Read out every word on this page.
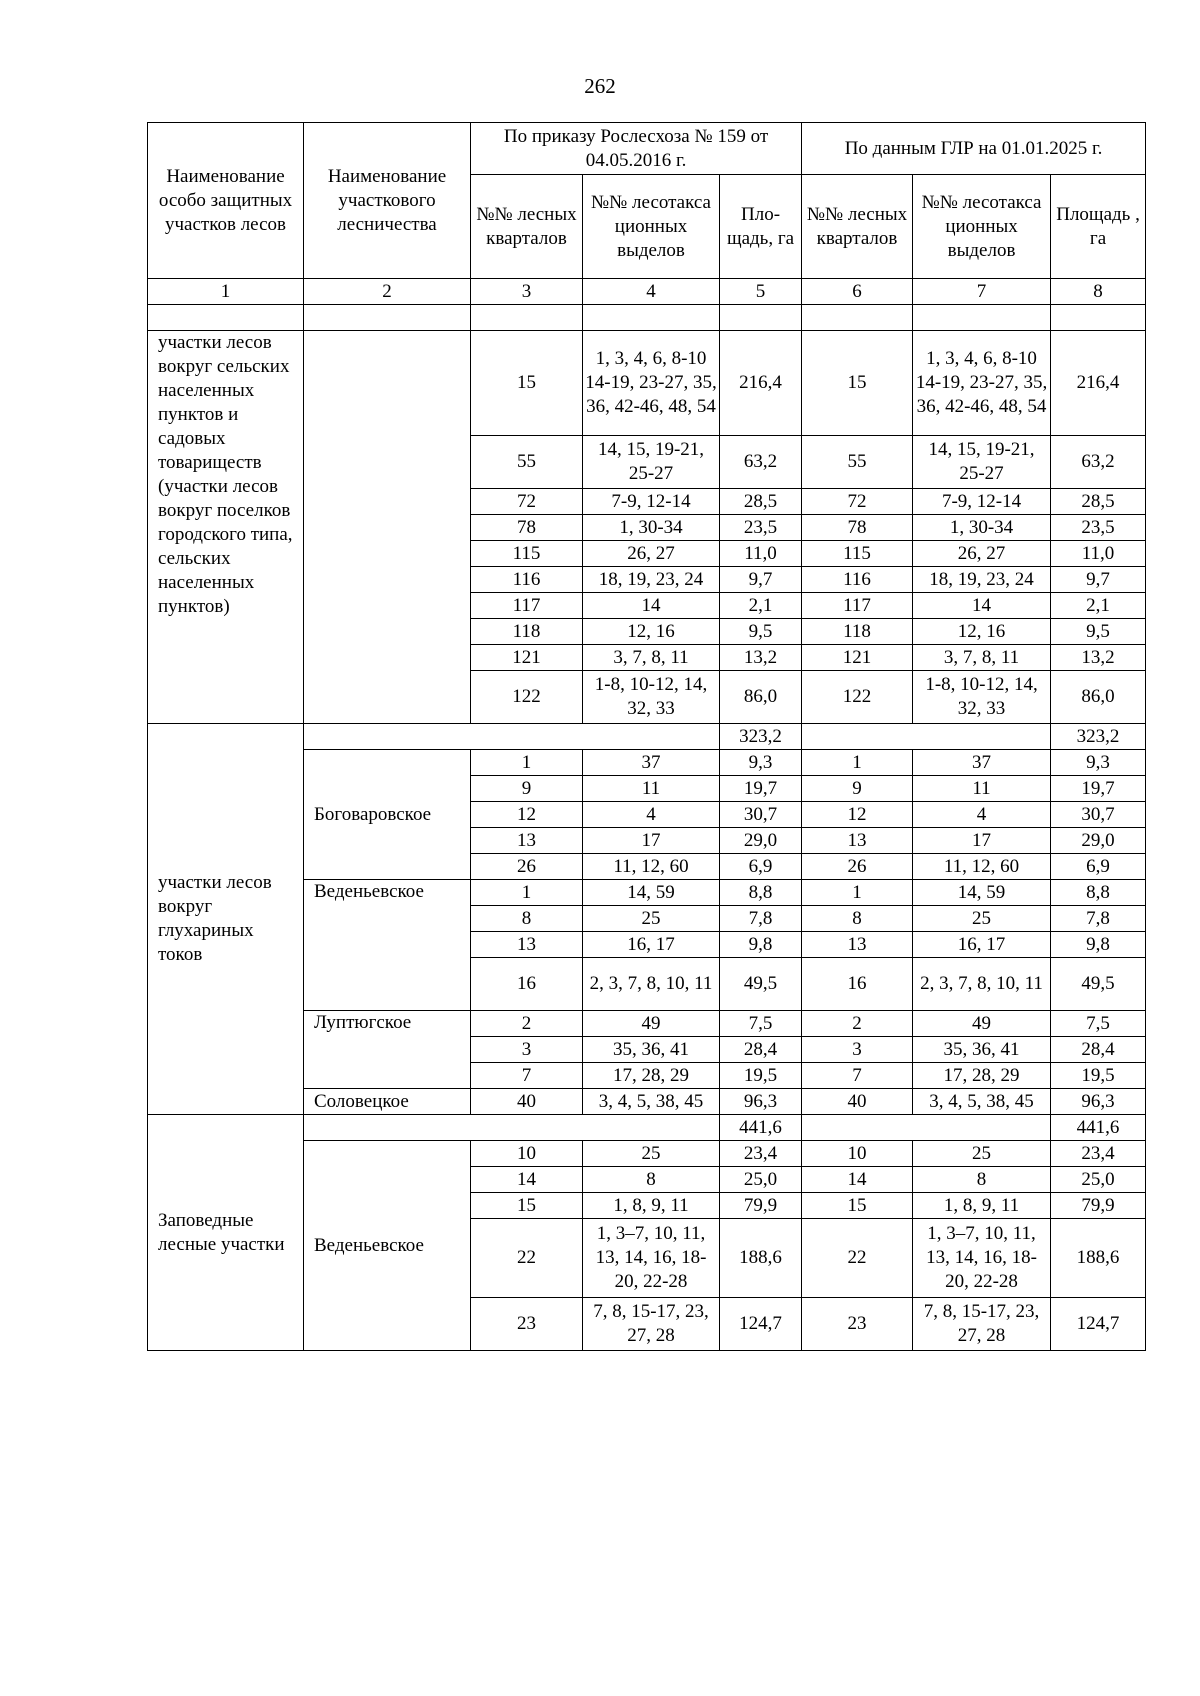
262
Наименование особо защитных участков лесов	Наименование участкового лесничества	По приказу Рослесхоза № 159 от 04.05.2016 г.			По данным ГЛР на 01.01.2025 г.		
		№№ лесных кварталов	№№ лесотакса ционных выделов	Пло-щадь, га	№№ лесных кварталов	№№ лесотакса ционных выделов	Площадь , га
1	2	3	4	5	6	7	8

участки лесов вокруг сельских населенных пунктов и садовых товариществ (участки лесов вокруг поселков городского типа, сельских населенных пунктов)		15	1, 3, 4, 6, 8-10 14-19, 23-27, 35, 36, 42-46, 48, 54	216,4	15	1, 3, 4, 6, 8-10 14-19, 23-27, 35, 36, 42-46, 48, 54	216,4
		55	14, 15, 19-21, 25-27	63,2	55	14, 15, 19-21, 25-27	63,2
		72	7-9, 12-14	28,5	72	7-9, 12-14	28,5
		78	1, 30-34	23,5	78	1, 30-34	23,5
		115	26, 27	11,0	115	26, 27	11,0
		116	18, 19, 23, 24	9,7	116	18, 19, 23, 24	9,7
		117	14	2,1	117	14	2,1
		118	12, 16	9,5	118	12, 16	9,5
		121	3, 7, 8, 11	13,2	121	3, 7, 8, 11	13,2
		122	1-8, 10-12, 14, 32, 33	86,0	122	1-8, 10-12, 14, 32, 33	86,0
участки лесов вокруг глухариных токов				323,2			323,2
	Боговаровское	1	37	9,3	1	37	9,3
		9	11	19,7	9	11	19,7
		12	4	30,7	12	4	30,7
		13	17	29,0	13	17	29,0
		26	11, 12, 60	6,9	26	11, 12, 60	6,9
	Веденьевское	1	14, 59	8,8	1	14, 59	8,8
		8	25	7,8	8	25	7,8
		13	16, 17	9,8	13	16, 17	9,8
		16	2, 3, 7, 8, 10, 11	49,5	16	2, 3, 7, 8, 10, 11	49,5
	Луптюгское	2	49	7,5	2	49	7,5
		3	35, 36, 41	28,4	3	35, 36, 41	28,4
		7	17, 28, 29	19,5	7	17, 28, 29	19,5
	Соловецкое	40	3, 4, 5, 38, 45	96,3	40	3, 4, 5, 38, 45	96,3
Заповедные лесные участки				441,6			441,6
	Веденьевское	10	25	23,4	10	25	23,4
		14	8	25,0	14	8	25,0
		15	1, 8, 9, 11	79,9	15	1, 8, 9, 11	79,9
		22	1, 3–7, 10, 11, 13, 14, 16, 18-20, 22-28	188,6	22	1, 3–7, 10, 11, 13, 14, 16, 18-20, 22-28	188,6
		23	7, 8, 15-17, 23, 27, 28	124,7	23	7, 8, 15-17, 23, 27, 28	124,7
